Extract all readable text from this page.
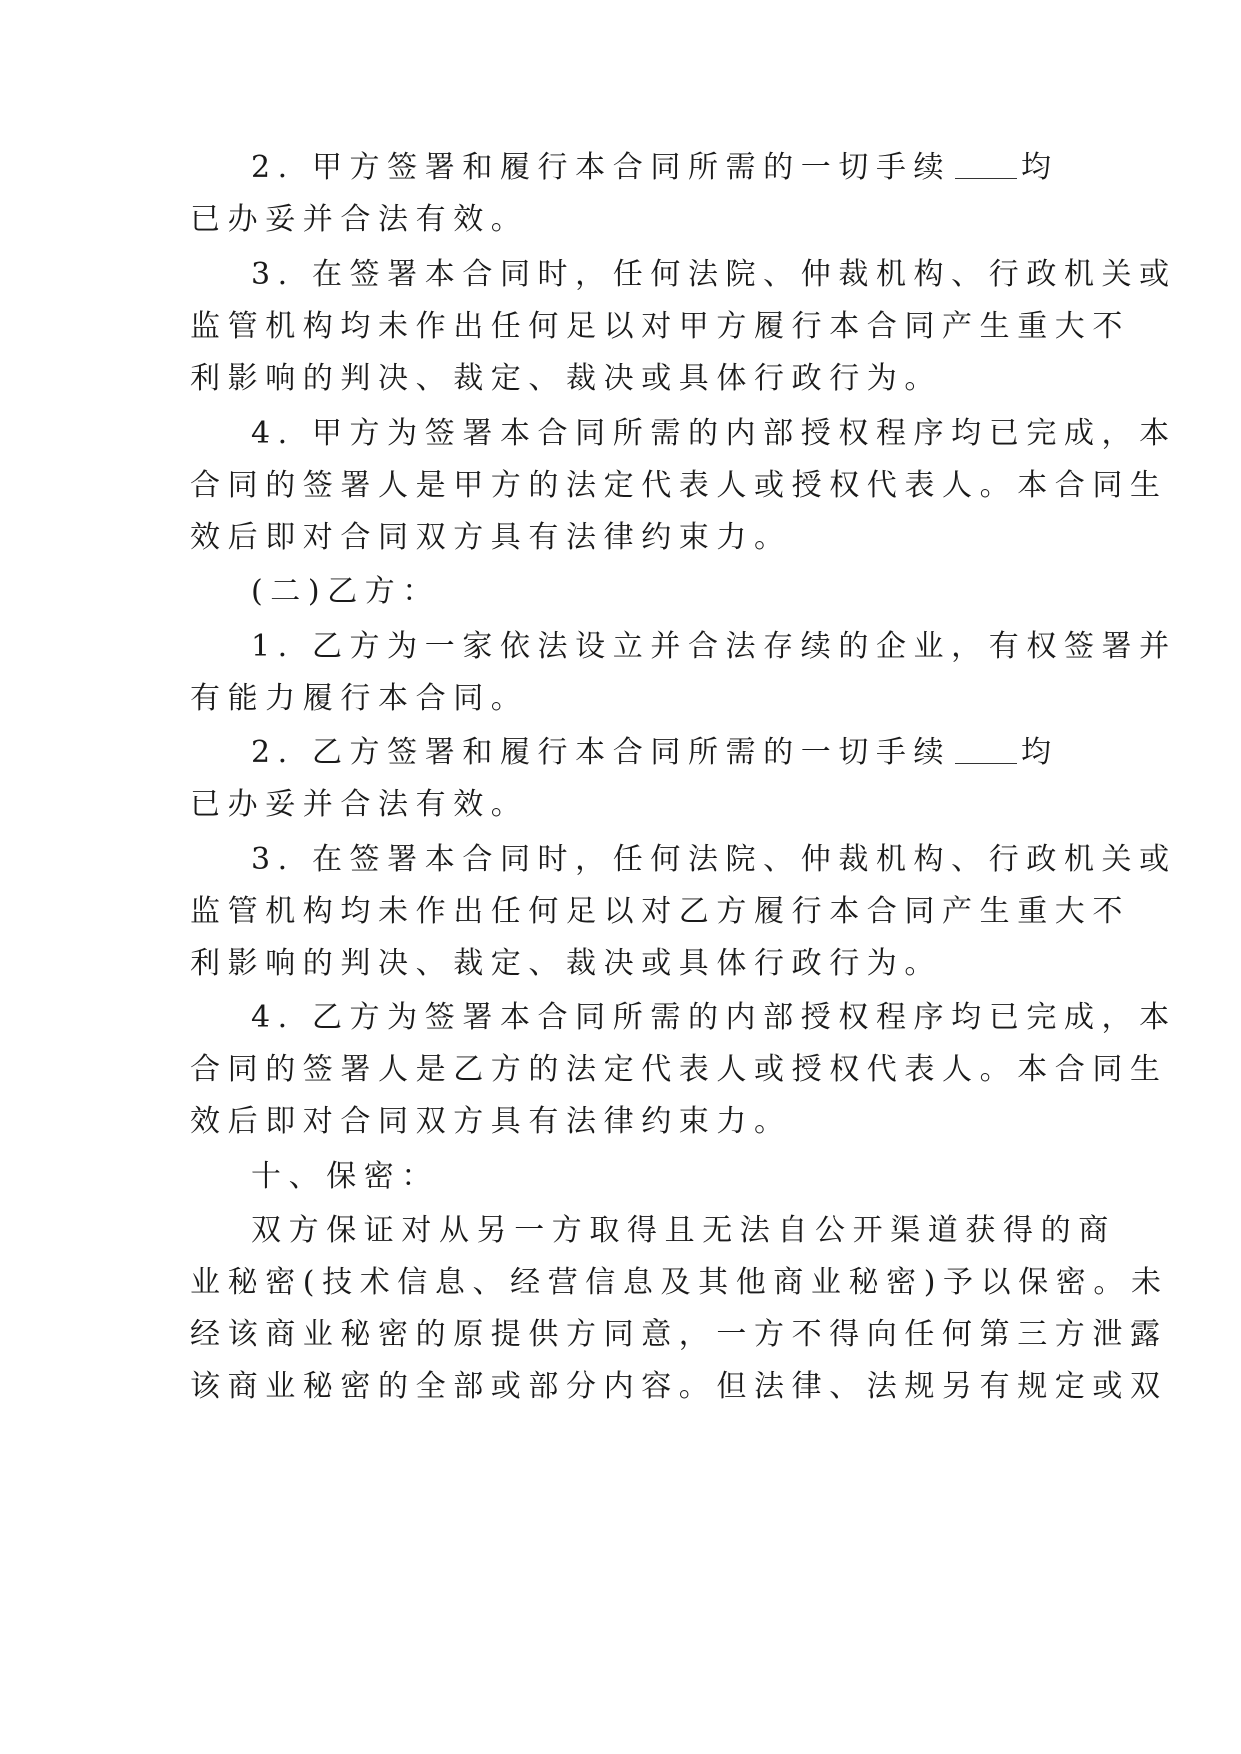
2. 甲方签署和履行本合同所需的一切手续 均
已办妥并合法有效。
3. 在签署本合同时，任何法院、仲裁机构、行政机关或
监管机构均未作出任何足以对甲方履行本合同产生重大不
利影响的判决、裁定、裁决或具体行政行为。
4. 甲方为签署本合同所需的内部授权程序均已完成，本
合同的签署人是甲方的法定代表人或授权代表人。本合同生
效后即对合同双方具有法律约束力。
(二)乙方：
1. 乙方为一家依法设立并合法存续的企业，有权签署并
有能力履行本合同。
2. 乙方签署和履行本合同所需的一切手续 均
已办妥并合法有效。
3. 在签署本合同时，任何法院、仲裁机构、行政机关或
监管机构均未作出任何足以对乙方履行本合同产生重大不
利影响的判决、裁定、裁决或具体行政行为。
4. 乙方为签署本合同所需的内部授权程序均已完成，本
合同的签署人是乙方的法定代表人或授权代表人。本合同生
效后即对合同双方具有法律约束力。
十、保密：
双方保证对从另一方取得且无法自公开渠道获得的商
业秘密(技术信息、经营信息及其他商业秘密)予以保密。未
经该商业秘密的原提供方同意，一方不得向任何第三方泄露
该商业秘密的全部或部分内容。但法律、法规另有规定或双
